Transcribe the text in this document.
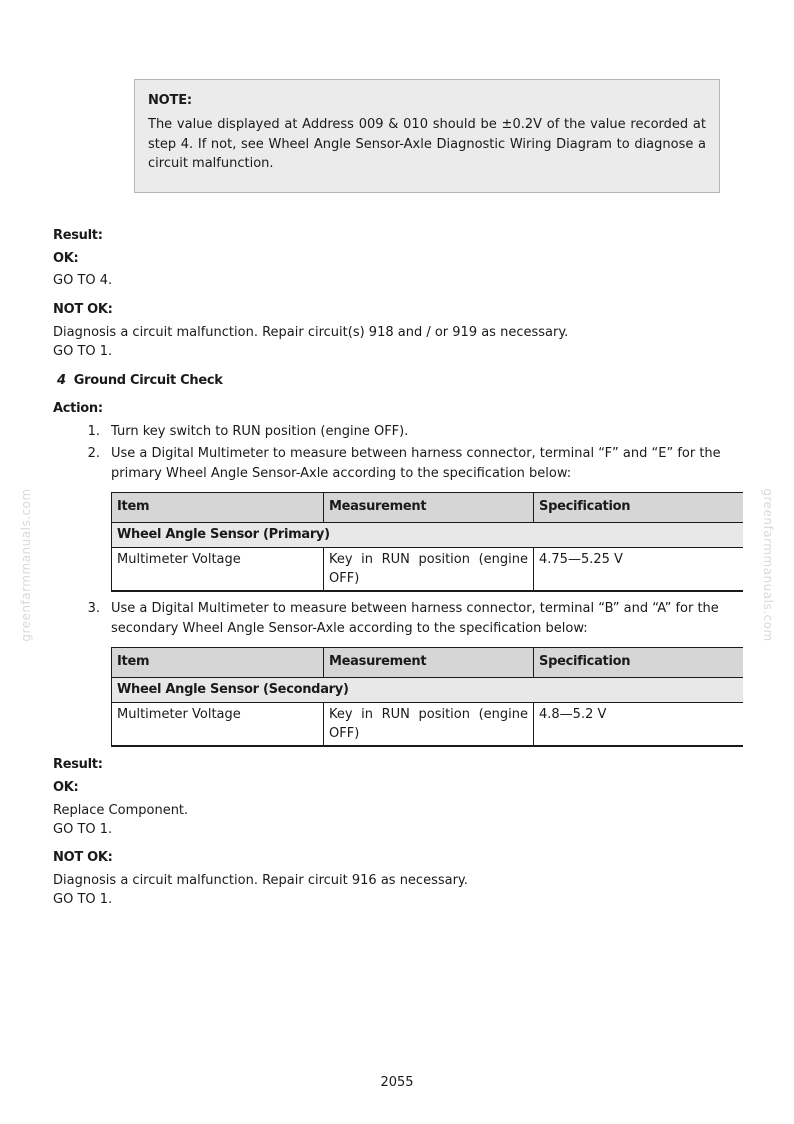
NOTE:
The value displayed at Address 009 & 010 should be ±0.2V of the value recorded at step 4. If not, see Wheel Angle Sensor-Axle Diagnostic Wiring Diagram to diagnose a circuit malfunction.
Result:
OK:
GO TO 4.
NOT OK:
Diagnosis a circuit malfunction. Repair circuit(s) 918 and / or 919 as necessary.
GO TO 1.
4 Ground Circuit Check
Action:
1. Turn key switch to RUN position (engine OFF).
2. Use a Digital Multimeter to measure between harness connector, terminal “F” and “E” for the primary Wheel Angle Sensor-Axle according to the specification below:
Item	Measurement	Specification
Wheel Angle Sensor (Primary)		
Multimeter Voltage	Key in RUN position (engine OFF)	4.75—5.25 V
3. Use a Digital Multimeter to measure between harness connector, terminal “B” and “A” for the secondary Wheel Angle Sensor-Axle according to the specification below:
Item	Measurement	Specification
Wheel Angle Sensor (Secondary)		
Multimeter Voltage	Key in RUN position (engine OFF)	4.8—5.2 V
Result:
OK:
Replace Component.
GO TO 1.
NOT OK:
Diagnosis a circuit malfunction. Repair circuit 916 as necessary.
GO TO 1.
greenfarmmanuals.com	greenfarmmanuals.com
2055
